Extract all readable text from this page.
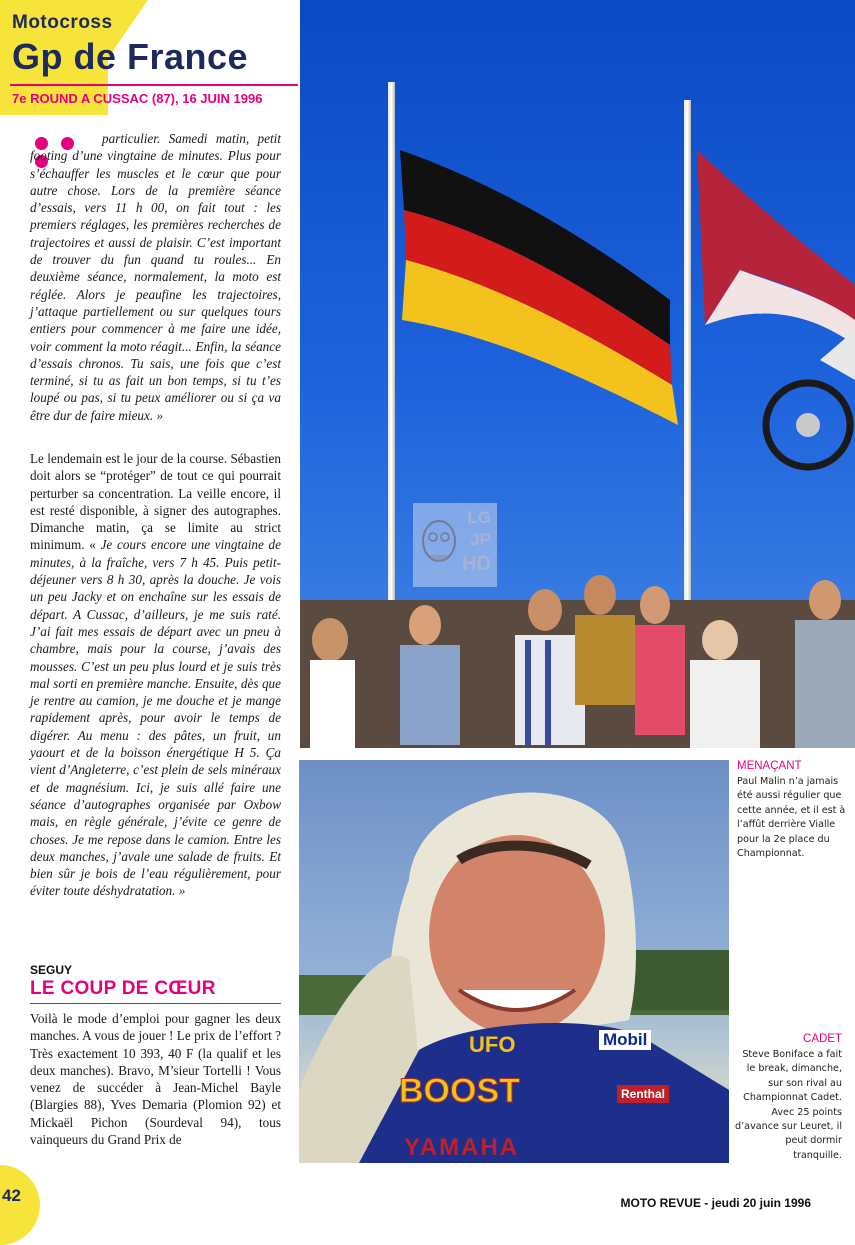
Motocross
Gp de France
7e ROUND A CUSSAC (87), 16 JUIN 1996

particulier. Samedi matin, petit footing d’une vingtaine de minutes. Plus pour s’échauffer les muscles et le cœur que pour autre chose. Lors de la première séance d’essais, vers 11 h 00, on fait tout : les premiers réglages, les premières recherches de trajectoires et aussi de plaisir. C’est important de trouver du fun quand tu roules... En deuxième séance, normalement, la moto est réglée. Alors je peaufine les trajectoires, j’attaque partiellement ou sur quelques tours entiers pour commencer à me faire une idée, voir comment la moto réagit... Enfin, la séance d’essais chronos. Tu sais, une fois que c’est terminé, si tu as fait un bon temps, si tu t’es loupé ou pas, si tu peux améliorer ou si ça va être dur de faire mieux. »

Le lendemain est le jour de la course. Sébastien doit alors se “protéger” de tout ce qui pourrait perturber sa concentration. La veille encore, il est resté disponible, à signer des autographes. Dimanche matin, ça se limite au strict minimum. « Je cours encore une vingtaine de minutes, à la fraîche, vers 7 h 45. Puis petit-déjeuner vers 8 h 30, après la douche. Je vois un peu Jacky et on enchaîne sur les essais de départ. A Cussac, d’ailleurs, je me suis raté. J’ai fait mes essais de départ avec un pneu à chambre, mais pour la course, j’avais des mousses. C’est un peu plus lourd et je suis très mal sorti en première manche. Ensuite, dès que je rentre au camion, je me douche et je mange rapidement après, pour avoir le temps de digérer. Au menu : des pâtes, un fruit, un yaourt et de la boisson énergétique H 5. Ça vient d’Angleterre, c’est plein de sels minéraux et de magnésium. Ici, je suis allé faire une séance d’autographes organisée par Oxbow mais, en règle générale, j’évite ce genre de choses. Je me repose dans le camion. Entre les deux manches, j’avale une salade de fruits. Et bien sûr je bois de l’eau régulièrement, pour éviter toute déshydratation. »

SEGUY
LE COUP DE CŒUR

Voilà le mode d’emploi pour gagner les deux manches. A vous de jouer ! Le prix de l’effort ? Très exactement 10 393, 40 F (la qualif et les deux manches). Bravo, M’sieur Tortelli ! Vous venez de succéder à Jean-Michel Bayle (Blargies 88), Yves Demaria (Plomion 92) et Mickaël Pichon (Sourdeval 94), tous vainqueurs du Grand Prix de

LG
JP
HD
UFO	Mobil
BOOST	Renthal
YAMAHA
MENAÇANT
Paul Malin n’a jamais été aussi régulier que cette année, et il est à l’affût derrière Vialle pour la 2e place du Championnat.
CADET
Steve Boniface a fait le break, dimanche, sur son rival au Championnat Cadet. Avec 25 points d’avance sur Leuret, il peut dormir tranquille.
42	MOTO REVUE - jeudi 20 juin 1996
